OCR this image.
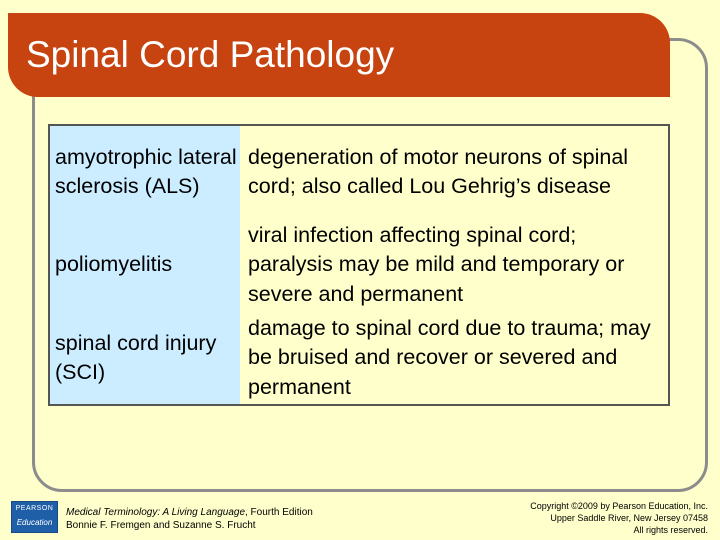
Spinal Cord Pathology
amyotrophic lateral sclerosis (ALS)	degeneration of motor neurons of spinal cord; also called Lou Gehrig’s disease
poliomyelitis	viral infection affecting spinal cord; paralysis may be mild and temporary or severe and permanent
spinal cord injury (SCI)	damage to spinal cord due to trauma; may be bruised and recover or severed and permanent
PEARSON
Education
Medical Terminology: A Living Language, Fourth Edition
Bonnie F. Fremgen and Suzanne S. Frucht
Copyright ©2009 by Pearson Education, Inc.
Upper Saddle River, New Jersey 07458
All rights reserved.
